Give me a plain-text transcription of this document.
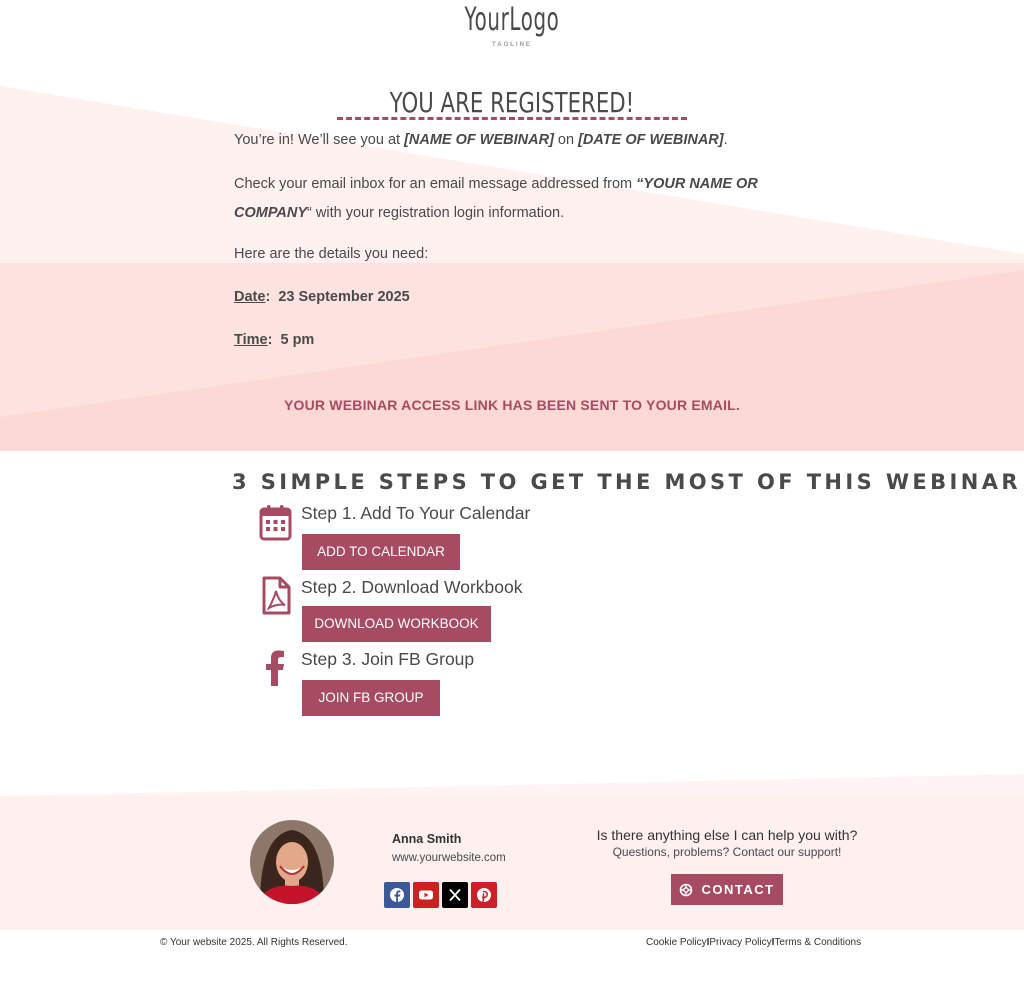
YourLogo
TAGLINE
YOU ARE REGISTERED!

You’re in! We’ll see you at [NAME OF WEBINAR] on [DATE OF WEBINAR].

Check your email inbox for an email message addressed from “YOUR NAME OR COMPANY“ with your registration login information.

Here are the details you need:
Date:  23 September 2025
Time:  5 pm
YOUR WEBINAR ACCESS LINK HAS BEEN SENT TO YOUR EMAIL.
3 SIMPLE STEPS TO GET THE MOST OF THIS WEBINAR
Step 1. Add To Your Calendar
ADD TO CALENDAR
Step 2. Download Workbook
DOWNLOAD WORKBOOK
Step 3. Join FB Group
JOIN FB GROUP
Anna Smith
www.yourwebsite.com
Is there anything else I can help you with?
Questions, problems? Contact our support!
CONTACT
© Your website 2025. All Rights Reserved.	Cookie PolicyIPrivacy PolicyITerms & Conditions
